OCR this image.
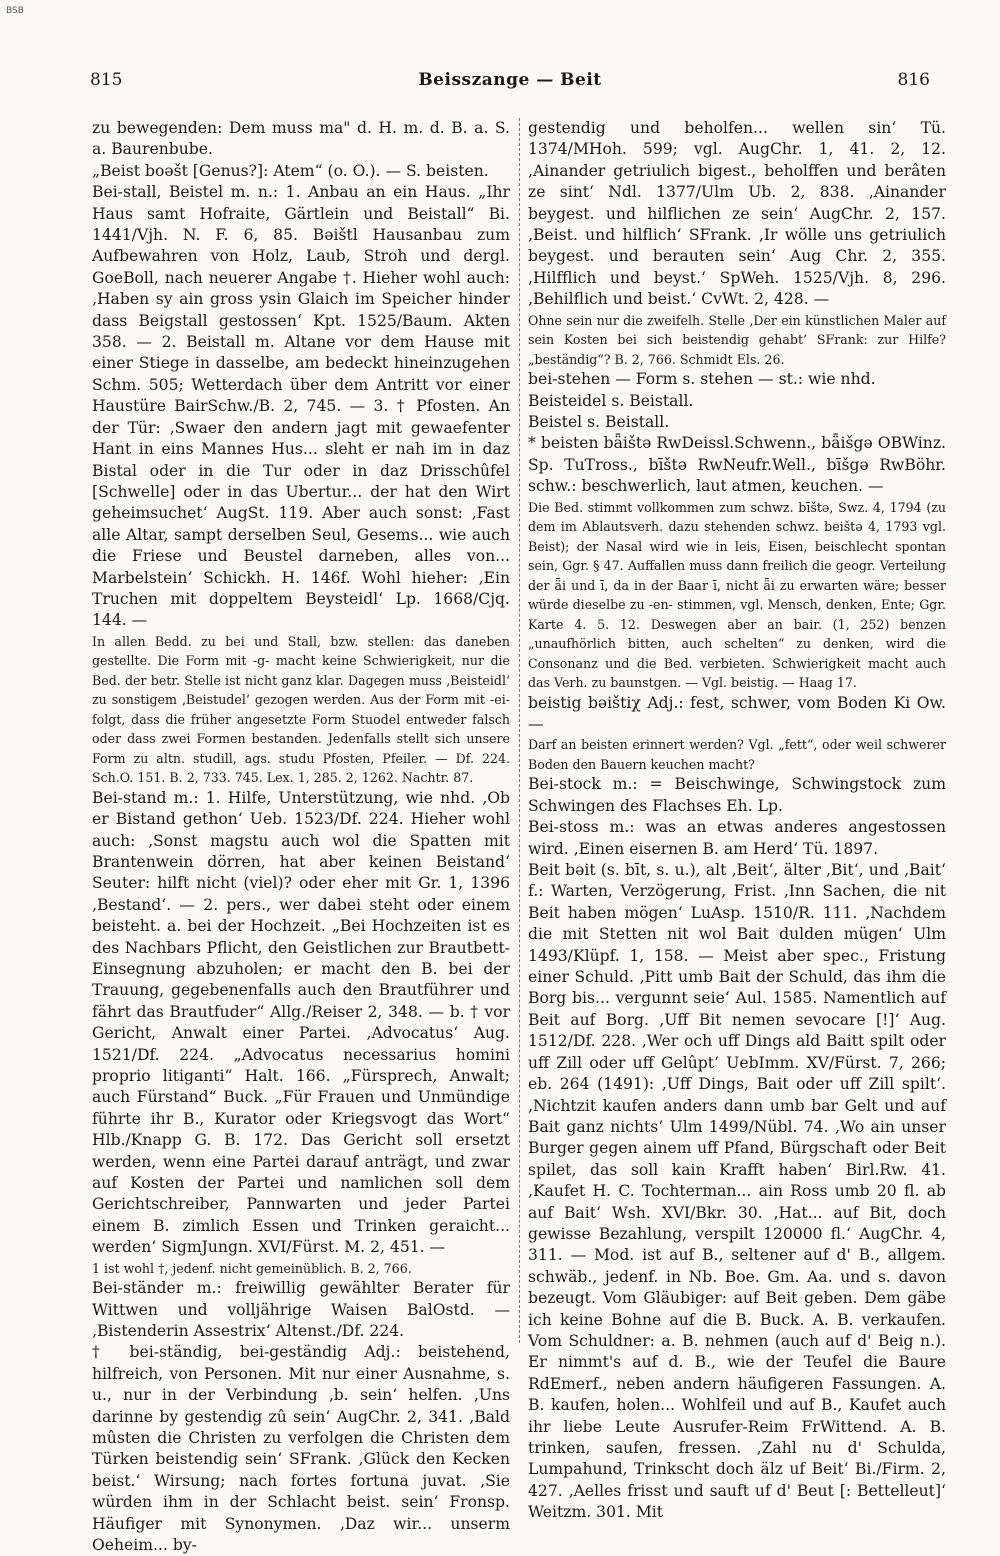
BSB
815	Beisszange — Beit	816

zu bewegenden: Dem muss ma" d. H. m. d. B. a. S. a. Baurenbube.

„Beist boəšt [Genus?]: Atem“ (o. O.). — S. beisten.

Bei-stall, Beistel m. n.: 1. Anbau an ein Haus. „Ihr Haus samt Hofraite, Gärtlein und Beistall“ Bi. 1441/Vjh. N. F. 6, 85. Bəištl Hausanbau zum Aufbewahren von Holz, Laub, Stroh und dergl. GoeBoll, nach neuerer Angabe †. Hieher wohl auch: ‚Haben sy ain gross ysin Glaich im Speicher hinder dass Beigstall gestossen‘ Kpt. 1525/Baum. Akten 358. — 2. Beistall m. Altane vor dem Hause mit einer Stiege in dasselbe, am bedeckt hineinzugehen Schm. 505; Wetterdach über dem Antritt vor einer Haustüre BairSchw./B. 2, 745. — 3. † Pfosten. An der Tür: ‚Swaer den andern jagt mit gewaefenter Hant in eins Mannes Hus... sleht er nah im in daz Bistal oder in die Tur oder in daz Drisschûfel [Schwelle] oder in das Ubertur... der hat den Wirt geheimsuchet‘ AugSt. 119. Aber auch sonst: ‚Fast alle Altar, sampt derselben Seul, Gesems... wie auch die Friese und Beustel darneben, alles von... Marbelstein‘ Schickh. H. 146f. Wohl hieher: ‚Ein Truchen mit doppeltem Beysteidl‘ Lp. 1668/Cjq. 144. —

In allen Bedd. zu bei und Stall, bzw. stellen: das daneben gestellte. Die Form mit -g- macht keine Schwierigkeit, nur die Bed. der betr. Stelle ist nicht ganz klar. Dagegen muss ‚Beisteidl‘ zu sonstigem ‚Beistudel‘ gezogen werden. Aus der Form mit -ei- folgt, dass die früher angesetzte Form Stuodel entweder falsch oder dass zwei Formen bestanden. Jedenfalls stellt sich unsere Form zu altn. studill, ags. studu Pfosten, Pfeiler. — Df. 224. Sch.O. 151. B. 2, 733. 745. Lex. 1, 285. 2, 1262. Nachtr. 87.

Bei-stand m.: 1. Hilfe, Unterstützung, wie nhd. ‚Ob er Bistand gethon‘ Ueb. 1523/Df. 224. Hieher wohl auch: ‚Sonst magstu auch wol die Spatten mit Brantenwein dörren, hat aber keinen Beistand‘ Seuter: hilft nicht (viel)? oder eher mit Gr. 1, 1396 ‚Bestand‘. — 2. pers., wer dabei steht oder einem beisteht. a. bei der Hochzeit. „Bei Hochzeiten ist es des Nachbars Pflicht, den Geistlichen zur Brautbett-Einsegnung abzuholen; er macht den B. bei der Trauung, gegebenenfalls auch den Brautführer und fährt das Brautfuder“ Allg./Reiser 2, 348. — b. † vor Gericht, Anwalt einer Partei. ‚Advocatus‘ Aug. 1521/Df. 224. „Advocatus necessarius homini proprio litiganti“ Halt. 166. „Fürsprech, Anwalt; auch Fürstand“ Buck. „Für Frauen und Unmündige führte ihr B., Kurator oder Kriegsvogt das Wort“ Hlb./Knapp G. B. 172. Das Gericht soll ersetzt werden, wenn eine Partei darauf anträgt, und zwar auf Kosten der Partei und namlichen soll dem Gerichtschreiber, Pannwarten und jeder Partei einem B. zimlich Essen und Trinken geraicht... werden‘ SigmJungn. XVI/Fürst. M. 2, 451. —

1 ist wohl †, jedenf. nicht gemeinüblich. B. 2, 766.

Bei-ständer m.: freiwillig gewählter Berater für Wittwen und volljährige Waisen BalOstd. — ‚Bistenderin Assestrix‘ Altenst./Df. 224.

† bei-ständig, bei-geständig Adj.: beistehend, hilfreich, von Personen. Mit nur einer Ausnahme, s. u., nur in der Verbindung ‚b. sein‘ helfen. ‚Uns darinne by gestendig zû sein‘ AugChr. 2, 341. ‚Bald mûsten die Christen zu verfolgen die Christen dem Türken beistendig sein‘ SFrank. ‚Glück den Kecken beist.‘ Wirsung; nach fortes fortuna juvat. ‚Sie würden ihm in der Schlacht beist. sein‘ Fronsp. Häufiger mit Synonymen. ‚Daz wir... unserm Oeheim... by-

gestendig und beholfen... wellen sin‘ Tü. 1374/MHoh. 599; vgl. AugChr. 1, 41. 2, 12. ‚Ainander getriulich bigest., beholffen und berâten ze sint‘ Ndl. 1377/Ulm Ub. 2, 838. ‚Ainander beygest. und hilflichen ze sein‘ AugChr. 2, 157. ‚Beist. und hilflich‘ SFrank. ‚Ir wölle uns getriulich beygest. und berauten sein‘ Aug Chr. 2, 355. ‚Hilfflich und beyst.‘ SpWeh. 1525/Vjh. 8, 296. ‚Behilflich und beist.‘ CvWt. 2, 428. —

Ohne sein nur die zweifelh. Stelle ‚Der ein künstlichen Maler auf sein Kosten bei sich beistendig gehabt‘ SFrank: zur Hilfe? „beständig“? B. 2, 766. Schmidt Els. 26.

bei-stehen — Form s. stehen — st.: wie nhd.

Beisteidel s. Beistall.

Beistel s. Beistall.

* beisten bǟištə RwDeissl.Schwenn., bǟišgə OBWinz. Sp. TuTross., bīštə RwNeufr.Well., bīšgə RwBöhr. schw.: beschwerlich, laut atmen, keuchen. —

Die Bed. stimmt vollkommen zum schwz. bīštə, Swz. 4, 1794 (zu dem im Ablautsverh. dazu stehenden schwz. beištə 4, 1793 vgl. Beist); der Nasal wird wie in leis, Eisen, beischlecht spontan sein, Ggr. § 47. Auffallen muss dann freilich die geogr. Verteilung der ǟi und ī, da in der Baar ī, nicht ǟi zu erwarten wäre; besser würde dieselbe zu -en- stimmen, vgl. Mensch, denken, Ente; Ggr. Karte 4. 5. 12. Deswegen aber an bair. (1, 252) benzen „unaufhörlich bitten, auch schelten“ zu denken, wird die Consonanz und die Bed. verbieten. Schwierigkeit macht auch das Verh. zu baunstgen. — Vgl. beistig. — Haag 17.

beistig bǝištiχ Adj.: fest, schwer, vom Boden Ki Ow. —

Darf an beisten erinnert werden? Vgl. „fett“, oder weil schwerer Boden den Bauern keuchen macht?

Bei-stock m.: = Beischwinge, Schwingstock zum Schwingen des Flachses Eh. Lp.

Bei-stoss m.: was an etwas anderes angestossen wird. ‚Einen eisernen B. am Herd‘ Tü. 1897.

Beit bǝit (s. bīt, s. u.), alt ‚Beit‘, älter ‚Bit‘, und ‚Bait‘ f.: Warten, Verzögerung, Frist. ‚Inn Sachen, die nit Beit haben mögen‘ LuAsp. 1510/R. 111. ‚Nachdem die mit Stetten nit wol Bait dulden mügen‘ Ulm 1493/Klüpf. 1, 158. — Meist aber spec., Fristung einer Schuld. ‚Pitt umb Bait der Schuld, das ihm die Borg bis... vergunnt seie‘ Aul. 1585. Namentlich auf Beit auf Borg. ‚Uff Bit nemen sevocare [!]‘ Aug. 1512/Df. 228. ‚Wer och uff Dings ald Baitt spilt oder uff Zill oder uff Gelûpt‘ UebImm. XV/Fürst. 7, 266; eb. 264 (1491): ‚Uff Dings, Bait oder uff Zill spilt‘. ‚Nichtzit kaufen anders dann umb bar Gelt und auf Bait ganz nichts‘ Ulm 1499/Nübl. 74. ‚Wo ain unser Burger gegen ainem uff Pfand, Bürgschaft oder Beit spilet, das soll kain Krafft haben‘ Birl.Rw. 41. ‚Kaufet H. C. Tochterman... ain Ross umb 20 fl. ab auf Bait‘ Wsh. XVI/Bkr. 30. ‚Hat... auf Bit, doch gewisse Bezahlung, verspilt 120000 fl.‘ AugChr. 4, 311. — Mod. ist auf B., seltener auf d' B., allgem. schwäb., jedenf. in Nb. Boe. Gm. Aa. und s. davon bezeugt. Vom Gläubiger: auf Beit geben. Dem gäbe ich keine Bohne auf die B. Buck. A. B. verkaufen. Vom Schuldner: a. B. nehmen (auch auf d' Beig n.). Er nimmt's auf d. B., wie der Teufel die Baure RdEmerf., neben andern häufigeren Fassungen. A. B. kaufen, holen... Wohlfeil und auf B., Kaufet auch ihr liebe Leute Ausrufer-Reim FrWittend. A. B. trinken, saufen, fressen. ‚Zahl nu d' Schulda, Lumpahund, Trinkscht doch älz uf Beit‘ Bi./Firm. 2, 427. ‚Aelles frisst und sauft uf d' Beut [: Bettelleut]‘ Weitzm. 301. Mit
